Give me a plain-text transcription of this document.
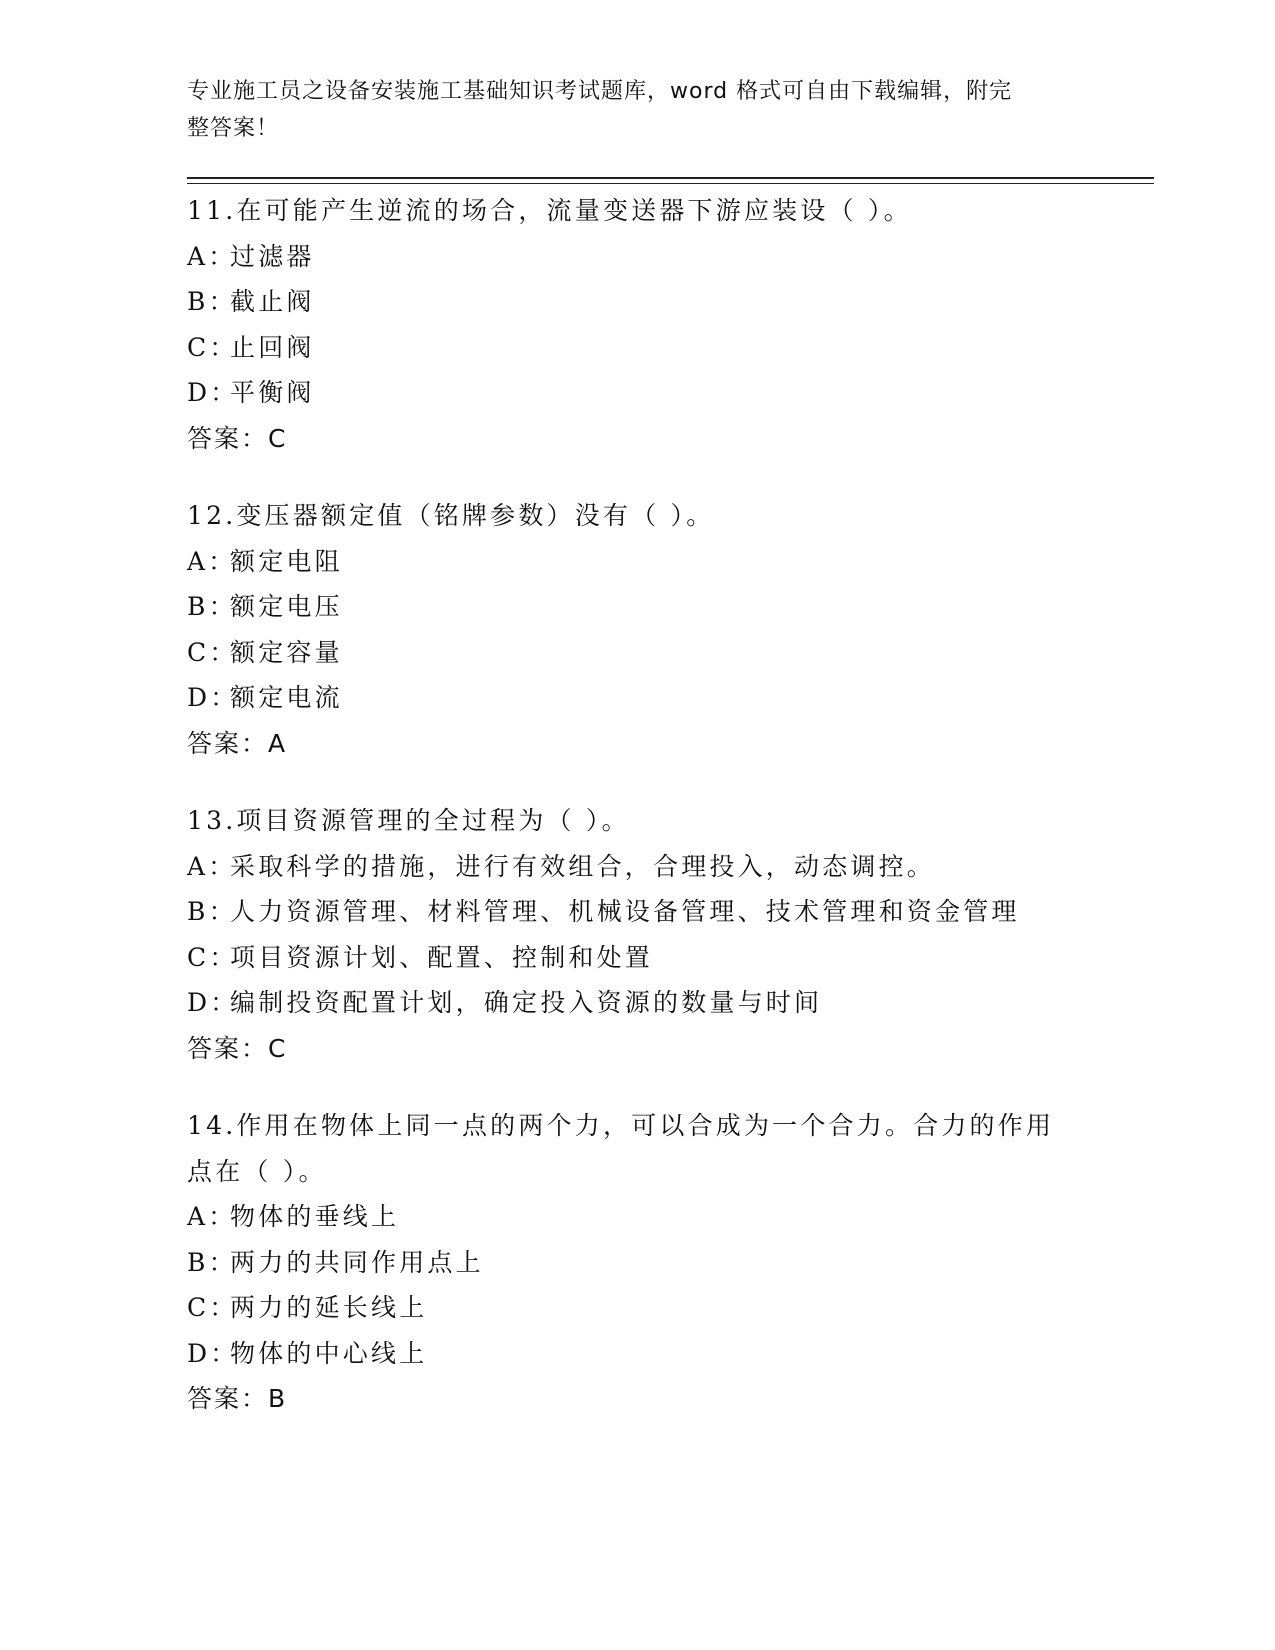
专业施工员之设备安装施工基础知识考试题库，word 格式可自由下载编辑，附完
整答案！
11.在可能产生逆流的场合，流量变送器下游应装设（ ）。
A：过滤器
B：截止阀
C：止回阀
D：平衡阀
答案：C
12.变压器额定值（铭牌参数）没有（ ）。
A：额定电阻
B：额定电压
C：额定容量
D：额定电流
答案：A
13.项目资源管理的全过程为（ ）。
A：采取科学的措施，进行有效组合，合理投入，动态调控。
B：人力资源管理、材料管理、机械设备管理、技术管理和资金管理
C：项目资源计划、配置、控制和处置
D：编制投资配置计划，确定投入资源的数量与时间
答案：C
14.作用在物体上同一点的两个力，可以合成为一个合力。合力的作用点在（ ）。
A：物体的垂线上
B：两力的共同作用点上
C：两力的延长线上
D：物体的中心线上
答案：B
